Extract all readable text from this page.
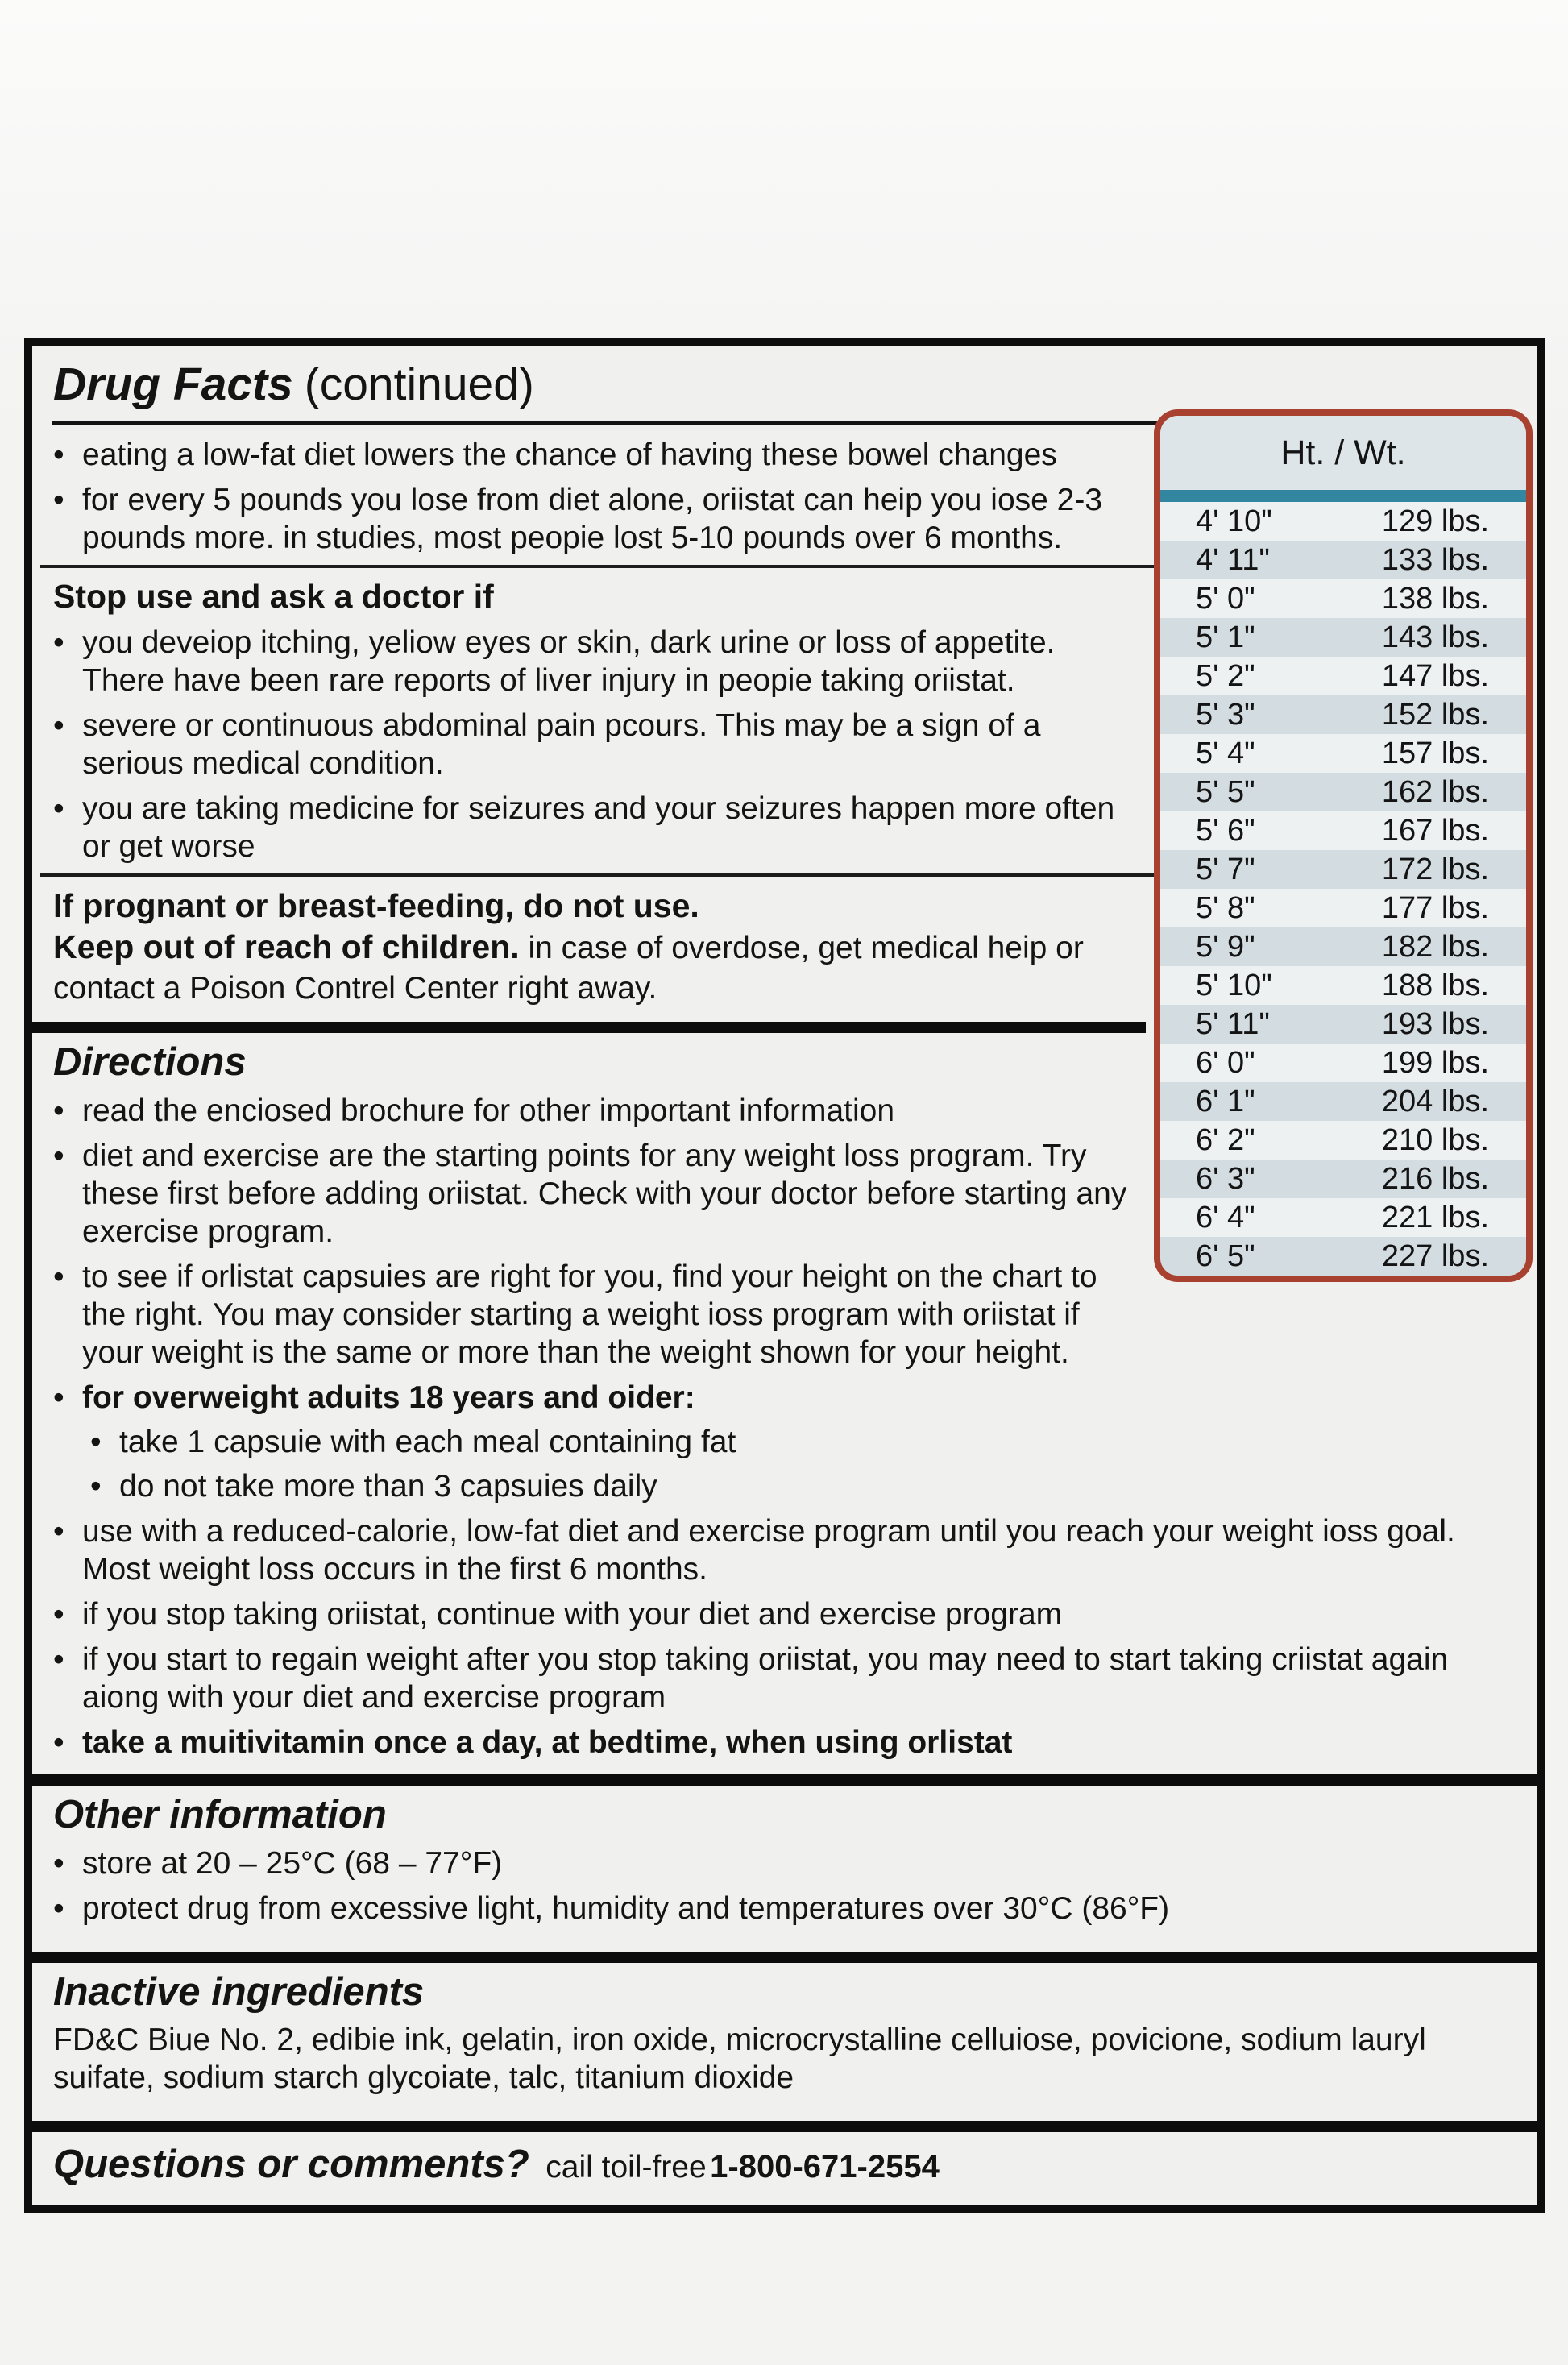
Drug Facts (continued)
• eating a low-fat diet lowers the chance of having these bowel changes
• for every 5 pounds you lose from diet alone, oriistat can heip you iose 2-3 pounds more. in studies, most peopie lost 5-10 pounds over 6 months.
Stop use and ask a doctor if
• you deveiop itching, yeliow eyes or skin, dark urine or loss of appetite. There have been rare reports of liver injury in peopie taking oriistat.
• severe or continuous abdominal pain pcours. This may be a sign of a serious medical condition.
• you are taking medicine for seizures and your seizures happen more often or get worse
If prognant or breast-feeding, do not use.
Keep out of reach of children. in case of overdose, get medical heip or contact a Poison Contrel Center right away.
Directions
• read the enciosed brochure for other important information
• diet and exercise are the starting points for any weight loss program. Try these first before adding oriistat. Check with your doctor before starting any exercise program.
• to see if orlistat capsuies are right for you, find your height on the chart to the right. You may consider starting a weight ioss program with oriistat if your weight is the same or more than the weight shown for your height.
• for overweight aduits 18 years and oider:
• take 1 capsuie with each meal containing fat
• do not take more than 3 capsuies daily
• use with a reduced-calorie, low-fat diet and exercise program until you reach your weight ioss goal. Most weight loss occurs in the first 6 months.
• if you stop taking oriistat, continue with your diet and exercise program
• if you start to regain weight after you stop taking oriistat, you may need to start taking criistat again aiong with your diet and exercise program
• take a muitivitamin once a day, at bedtime, when using orlistat
Other information
• store at 20 – 25°C (68 – 77°F)
• protect drug from excessive light, humidity and temperatures over 30°C (86°F)
Inactive ingredients
FD&C Biue No. 2, edibie ink, gelatin, iron oxide, microcrystalline celluiose, povicione, sodium lauryl suifate, sodium starch glycoiate, talc, titanium dioxide
Questions or comments? cail toil-free 1-800-671-2554
Ht. / Wt.
4' 10"	129 lbs.
4' 11"	133 lbs.
5' 0"	138 lbs.
5' 1"	143 lbs.
5' 2"	147 lbs.
5' 3"	152 lbs.
5' 4"	157 lbs.
5' 5"	162 lbs.
5' 6"	167 lbs.
5' 7"	172 lbs.
5' 8"	177 lbs.
5' 9"	182 lbs.
5' 10"	188 lbs.
5' 11"	193 lbs.
6' 0"	199 lbs.
6' 1"	204 lbs.
6' 2"	210 lbs.
6' 3"	216 lbs.
6' 4"	221 lbs.
6' 5"	227 lbs.
